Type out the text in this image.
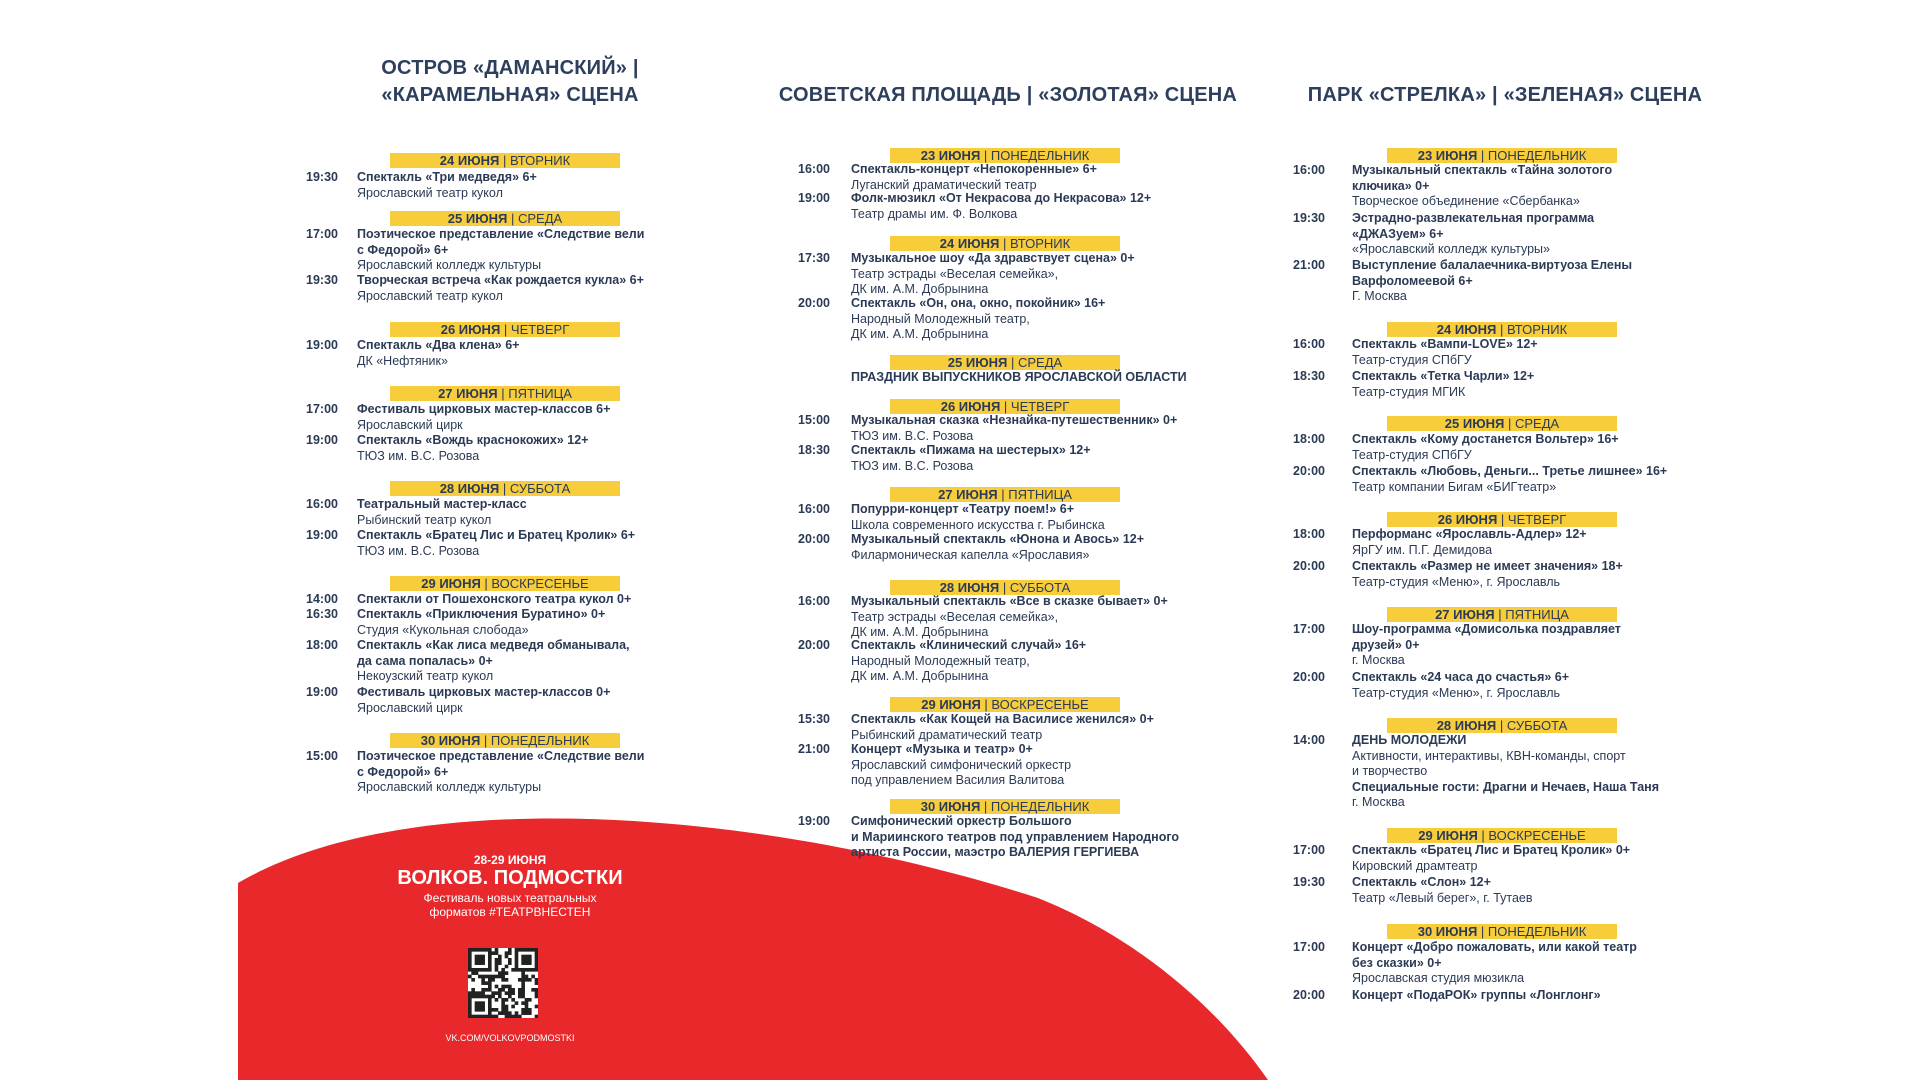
ОСТРОВ «ДАМАНСКИЙ» |
«КАРАМЕЛЬНАЯ» СЦЕНА
24 ИЮНЯ | ВТОРНИК
19:30 Спектакль «Три медведя» 6+
Ярославский театр кукол
25 ИЮНЯ | СРЕДА
17:00 Поэтическое представление «Следствие вели
с Федорой» 6+
Ярославский колледж культуры
19:30 Творческая встреча «Как рождается кукла» 6+
Ярославский театр кукол
26 ИЮНЯ | ЧЕТВЕРГ
19:00 Спектакль «Два клена» 6+
ДК «Нефтяник»
27 ИЮНЯ | ПЯТНИЦА
17:00 Фестиваль цирковых мастер-классов 6+
Ярославский цирк
19:00 Спектакль «Вождь краснокожих» 12+
ТЮЗ им. В.С. Розова
28 ИЮНЯ | СУББОТА
16:00 Театральный мастер-класс
Рыбинский театр кукол
19:00 Спектакль «Братец Лис и Братец Кролик» 6+
ТЮЗ им. В.С. Розова
29 ИЮНЯ | ВОСКРЕСЕНЬЕ
14:00 Спектакли от Пошехонского театра кукол 0+
16:30 Спектакль «Приключения Буратино» 0+
Студия «Кукольная слобода»
18:00 Спектакль «Как лиса медведя обманывала,
да сама попалась» 0+
Некоузский театр кукол
19:00 Фестиваль цирковых мастер-классов 0+
Ярославский цирк
30 ИЮНЯ | ПОНЕДЕЛЬНИК
15:00 Поэтическое представление «Следствие вели
с Федорой» 6+
Ярославский колледж культуры
СОВЕТСКАЯ ПЛОЩАДЬ | «ЗОЛОТАЯ» СЦЕНА
23 ИЮНЯ | ПОНЕДЕЛЬНИК
16:00 Спектакль-концерт «Непокоренные» 6+
Луганский драматический театр
19:00 Фолк-мюзикл «От Некрасова до Некрасова» 12+
Театр драмы им. Ф. Волкова
24 ИЮНЯ | ВТОРНИК
17:30 Музыкальное шоу «Да здравствует сцена» 0+
Театр эстрады «Веселая семейка»,
ДК им. А.М. Добрынина
20:00 Спектакль «Он, она, окно, покойник» 16+
Народный Молодежный театр,
ДК им. А.М. Добрынина
25 ИЮНЯ | СРЕДА
ПРАЗДНИК ВЫПУСКНИКОВ ЯРОСЛАВСКОЙ ОБЛАСТИ
26 ИЮНЯ | ЧЕТВЕРГ
15:00 Музыкальная сказка «Незнайка-путешественник» 0+
ТЮЗ им. В.С. Розова
18:30 Спектакль «Пижама на шестерых» 12+
ТЮЗ им. В.С. Розова
27 ИЮНЯ | ПЯТНИЦА
16:00 Попурри-концерт «Театру поем!» 6+
Школа современного искусства г. Рыбинска
20:00 Музыкальный спектакль «Юнона и Авось» 12+
Филармоническая капелла «Ярославия»
28 ИЮНЯ | СУББОТА
16:00 Музыкальный спектакль «Все в сказке бывает» 0+
Театр эстрады «Веселая семейка»,
ДК им. А.М. Добрынина
20:00 Спектакль «Клинический случай» 16+
Народный Молодежный театр,
ДК им. А.М. Добрынина
29 ИЮНЯ | ВОСКРЕСЕНЬЕ
15:30 Спектакль «Как Кощей на Василисе женился» 0+
Рыбинский драматический театр
21:00 Концерт «Музыка и театр» 0+
Ярославский симфонический оркестр
под управлением Василия Валитова
30 ИЮНЯ | ПОНЕДЕЛЬНИК
19:00 Симфонический оркестр Большого
и Мариинского театров под управлением Народного
артиста России, маэстро ВАЛЕРИЯ ГЕРГИЕВА
ПАРК «СТРЕЛКА» | «ЗЕЛЕНАЯ» СЦЕНА
23 ИЮНЯ | ПОНЕДЕЛЬНИК
16:00 Музыкальный спектакль «Тайна золотого
ключика» 0+
Творческое объединение «Сбербанка»
19:30 Эстрадно-развлекательная программа
«ДЖАЗуем» 6+
«Ярославский колледж культуры»
21:00 Выступление балалаечника-виртуоза Елены
Варфоломеевой 6+
Г. Москва
24 ИЮНЯ | ВТОРНИК
16:00 Спектакль «Вампи-LOVE» 12+
Театр-студия СПбГУ
18:30 Спектакль «Тетка Чарли» 12+
Театр-студия МГИК
25 ИЮНЯ | СРЕДА
18:00 Спектакль «Кому достанется Вольтер» 16+
Театр-студия СПбГУ
20:00 Спектакль «Любовь, Деньги... Третье лишнее» 16+
Театр компании Бигам «БИГтеатр»
26 ИЮНЯ | ЧЕТВЕРГ
18:00 Перформанс «Ярославль-Адлер» 12+
ЯрГУ им. П.Г. Демидова
20:00 Спектакль «Размер не имеет значения» 18+
Театр-студия «Меню», г. Ярославль
27 ИЮНЯ | ПЯТНИЦА
17:00 Шоу-программа «Домисолька поздравляет
друзей» 0+
г. Москва
20:00 Спектакль «24 часа до счастья» 6+
Театр-студия «Меню», г. Ярославль
28 ИЮНЯ | СУББОТА
14:00 ДЕНЬ МОЛОДЕЖИ
Активности, интерактивы, КВН-команды, спорт
и творчество
Специальные гости: Драгни и Нечаев, Наша Таня
г. Москва
29 ИЮНЯ | ВОСКРЕСЕНЬЕ
17:00 Спектакль «Братец Лис и Братец Кролик» 0+
Кировский драмтеатр
19:30 Спектакль «Слон» 12+
Театр «Левый берег», г. Тутаев
30 ИЮНЯ | ПОНЕДЕЛЬНИК
17:00 Концерт «Добро пожаловать, или какой театр
без сказки» 0+
Ярославская студия мюзикла
20:00 Концерт «ПодаРОК» группы «Лонглонг»
28-29 ИЮНЯ
ВОЛКОВ. ПОДМОСТКИ
Фестиваль новых театральных
форматов #ТЕАТРВНЕСТЕН
VK.COM/VOLKOVPODMOSTKI
